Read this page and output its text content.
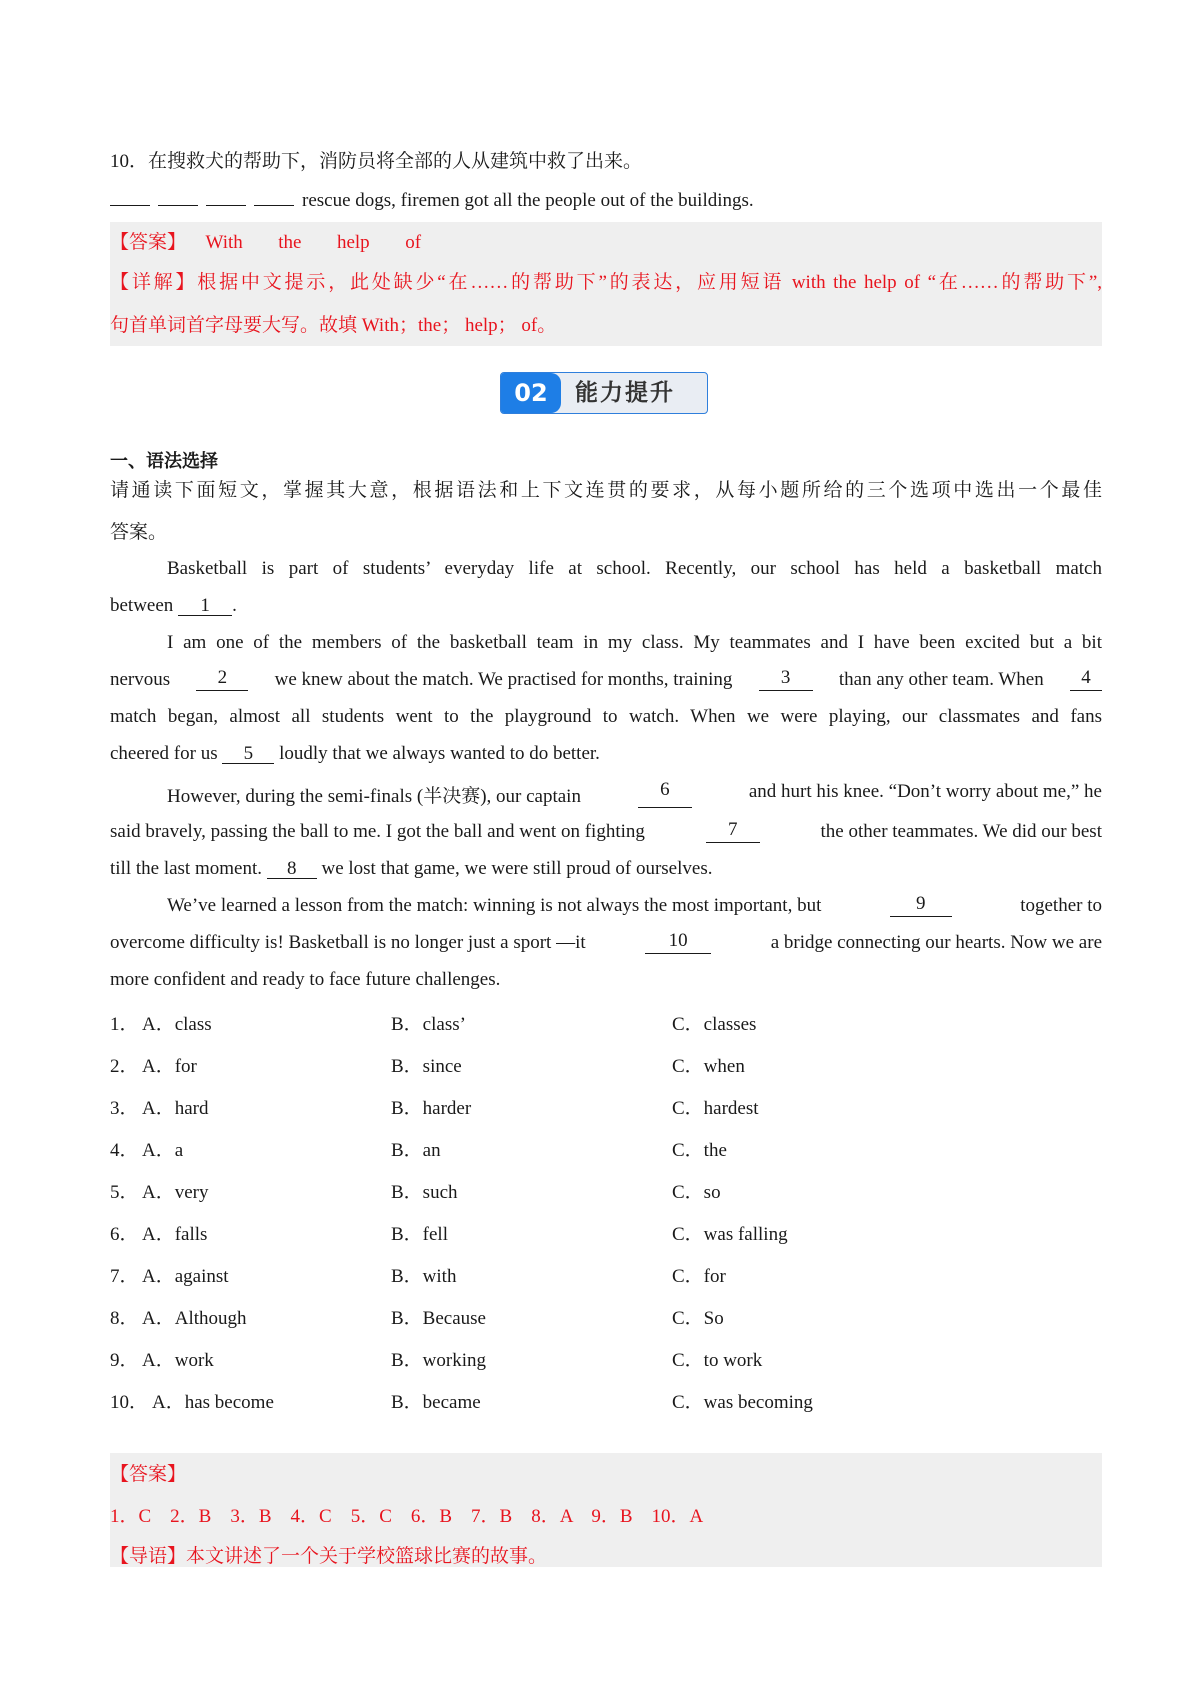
10．在搜救犬的帮助下，消防员将全部的人从建筑中救了出来。
rescue dogs, firemen got all the people out of the buildings.
【答案】 With the help of
【详解】根据中文提示，此处缺少“在……的帮助下”的表达，应用短语 with the help of “在……的帮助下”,
句首单词首字母要大写。故填 With；the； help； of。
02	能力提升
一、语法选择
请通读下面短文，掌握其大意，根据语法和上下文连贯的要求，从每小题所给的三个选项中选出一个最佳
答案。
Basketball is part of students’ everyday life at school. Recently, our school has held a basketball match
between 1 .
I am one of the members of the basketball team in my class. My teammates and I have been excited but a bit
nervous	2	we knew about the match. We practised for months, training	3	than any other team. When	4
match began, almost all students went to the playground to watch. When we were playing, our classmates and fans
cheered for us 5 loudly that we always wanted to do better.
However, during the semi-finals (半决赛), our captain	6	and hurt his knee. “Don’t worry about me,” he
said bravely, passing the ball to me. I got the ball and went on fighting	7	the other teammates. We did our best
till the last moment. 8 we lost that game, we were still proud of ourselves.
We’ve learned a lesson from the match: winning is not always the most important, but	9	together to
overcome difficulty is! Basketball is no longer just a sport —it	10	a bridge connecting our hearts. Now we are
more confident and ready to face future challenges.
1． A．class	B．class’	C．classes
2． A．for	B．since	C．when
3． A．hard	B．harder	C．hardest
4． A．a	B．an	C．the
5． A．very	B．such	C．so
6． A．falls	B．fell	C．was falling
7． A．against	B．with	C．for
8． A．Although	B．Because	C．So
9． A．work	B．working	C．to work
10． A．has become	B．became	C．was becoming
【答案】
1．C　2．B　3．B　4．C　5．C　6．B　7．B　8．A　9．B　10．A
【导语】本文讲述了一个关于学校篮球比赛的故事。
